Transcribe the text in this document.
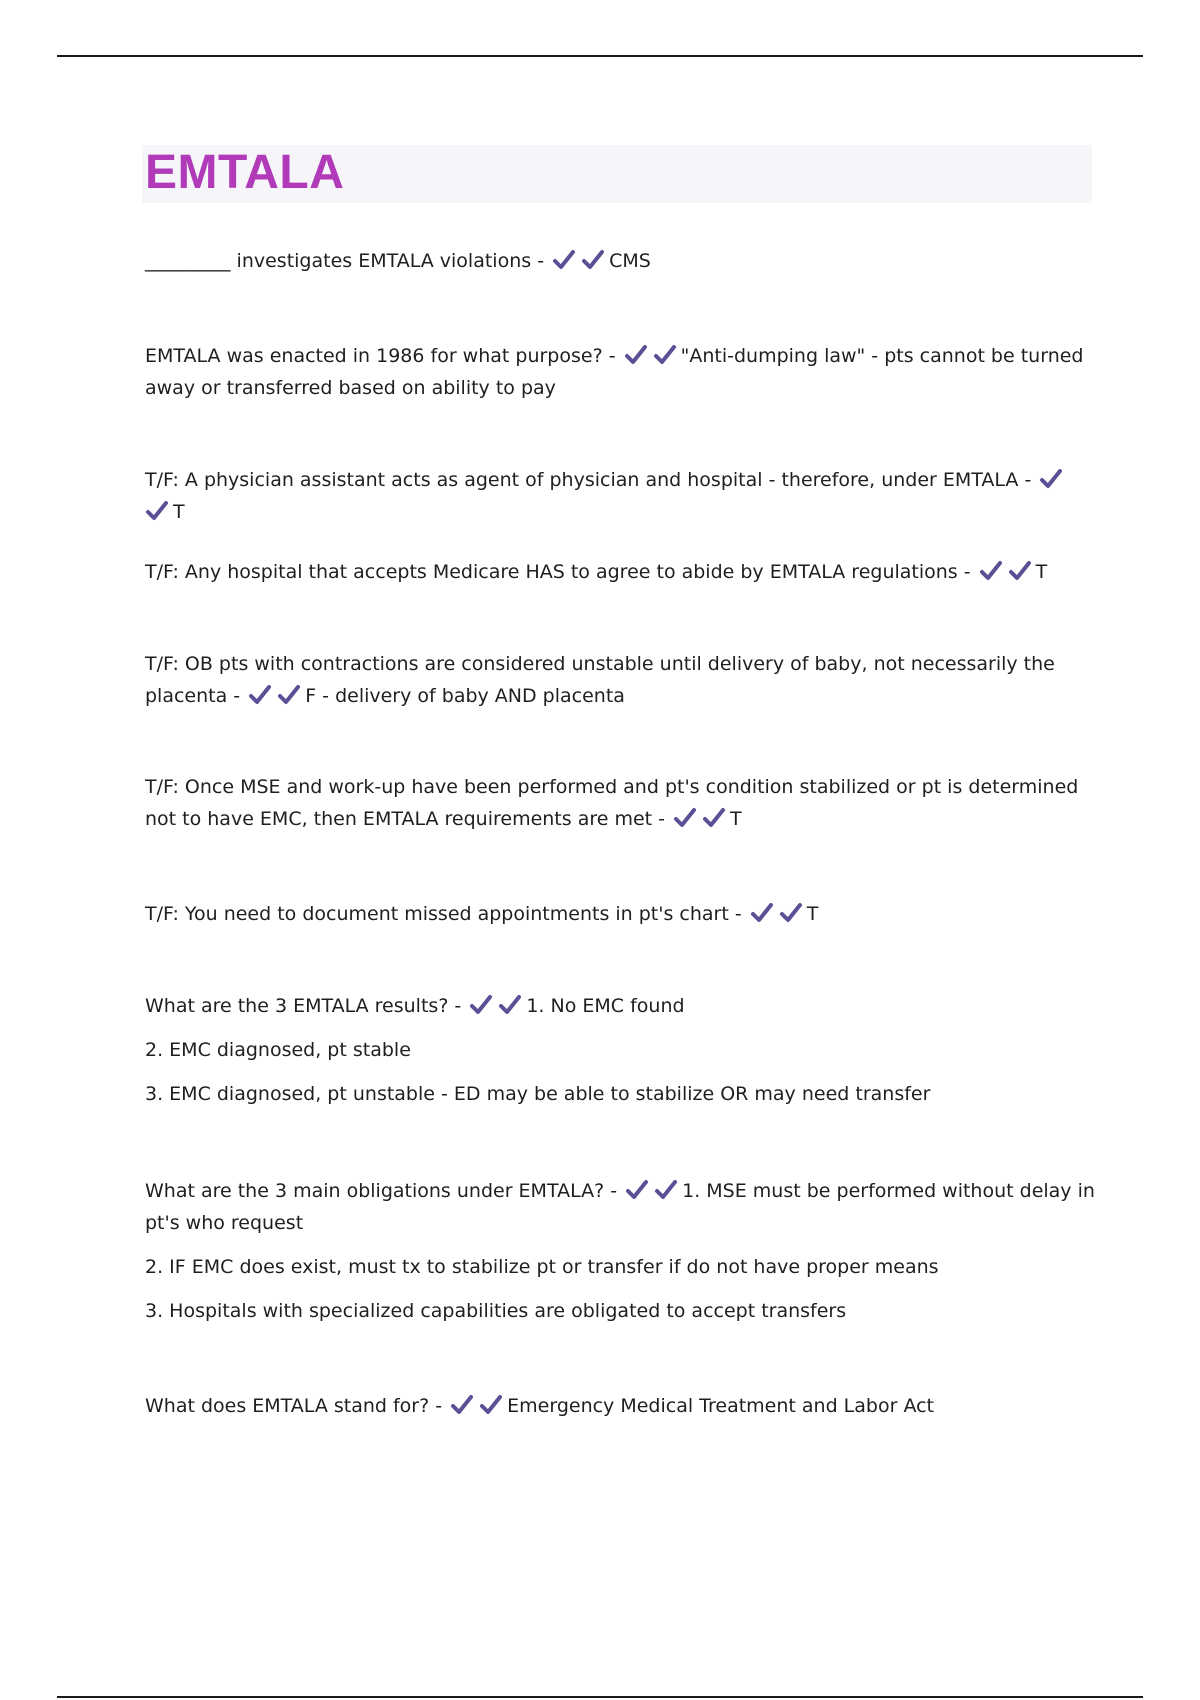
EMTALA
_________ investigates EMTALA violations -	CMS
EMTALA was enacted in 1986 for what purpose? -	"Anti-dumping law" - pts cannot be turned away or transferred based on ability to pay
T/F: A physician assistant acts as agent of physician and hospital - therefore, under EMTALA -
T
T/F: Any hospital that accepts Medicare HAS to agree to abide by EMTALA regulations -	T
T/F: OB pts with contractions are considered unstable until delivery of baby, not necessarily the placenta -	F - delivery of baby AND placenta
T/F: Once MSE and work-up have been performed and pt's condition stabilized or pt is determined not to have EMC, then EMTALA requirements are met -	T
T/F: You need to document missed appointments in pt's chart -	T
What are the 3 EMTALA results? -	1. No EMC found
2. EMC diagnosed, pt stable
3. EMC diagnosed, pt unstable - ED may be able to stabilize OR may need transfer
What are the 3 main obligations under EMTALA? -	1. MSE must be performed without delay in pt's who request
2. IF EMC does exist, must tx to stabilize pt or transfer if do not have proper means
3. Hospitals with specialized capabilities are obligated to accept transfers
What does EMTALA stand for? -	Emergency Medical Treatment and Labor Act
